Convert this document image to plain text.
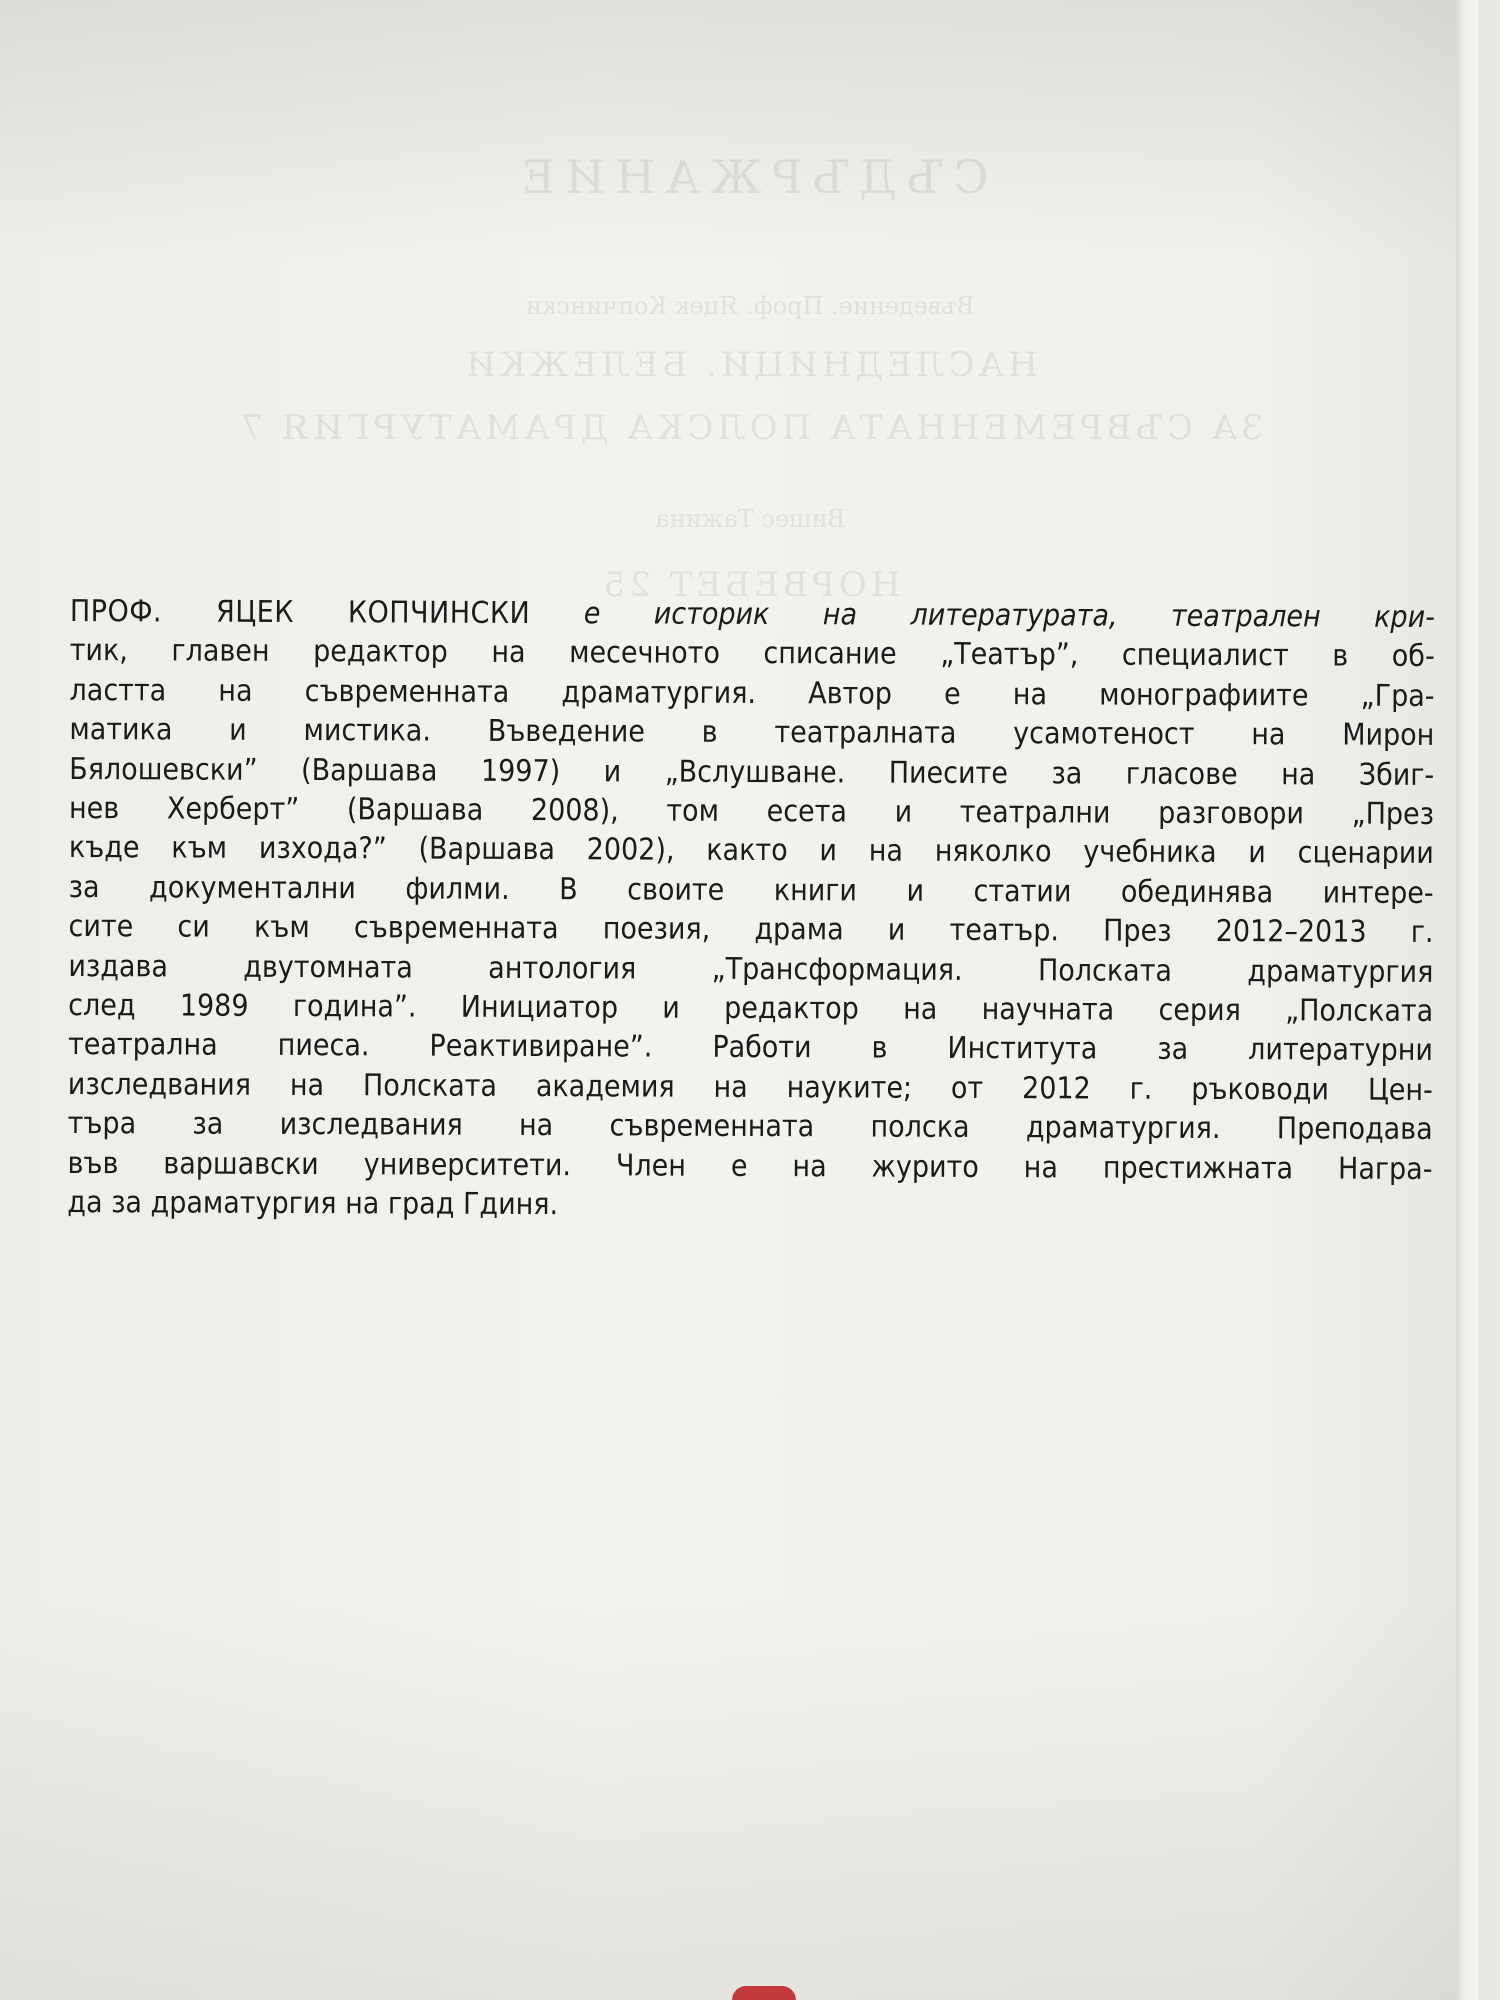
СЪДЪРЖАНИЕ
Въведение. Проф. Яцек Копчински
НАСЛЕДНИЦИ. БЕЛЕЖКИ
ЗА СЪВРЕМЕННАТА ПОЛСКА ДРАМАТУРГИЯ 7
Вишес Тажина
НОРВЕБЕТ 25
ПРОФ. ЯЦЕК КОПЧИНСКИ е историк на литературата, театрален кри-
тик, главен редактор на месечното списание „Театър”, специалист в об-
ластта на съвременната драматургия. Автор е на монографиите „Гра-
матика и мистика. Въведение в театралната усамотеност на Мирон
Бялошевски” (Варшава 1997) и „Вслушване. Пиесите за гласове на Збиг-
нев Херберт” (Варшава 2008), том есета и театрални разговори „През
къде към изхода?” (Варшава 2002), както и на няколко учебника и сценарии
за документални филми. В своите книги и статии обединява интере-
сите си към съвременната поезия, драма и театър. През 2012–2013 г.
издава двутомната антология „Трансформация. Полската драматургия
след 1989 година”. Инициатор и редактор на научната серия „Полската
театрална пиеса. Реактивиране”. Работи в Института за литературни
изследвания на Полската академия на науките; от 2012 г. ръководи Цен-
търа за изследвания на съвременната полска драматургия. Преподава
във варшавски университети. Член е на журито на престижната Награ-
да за драматургия на град Гдиня.
